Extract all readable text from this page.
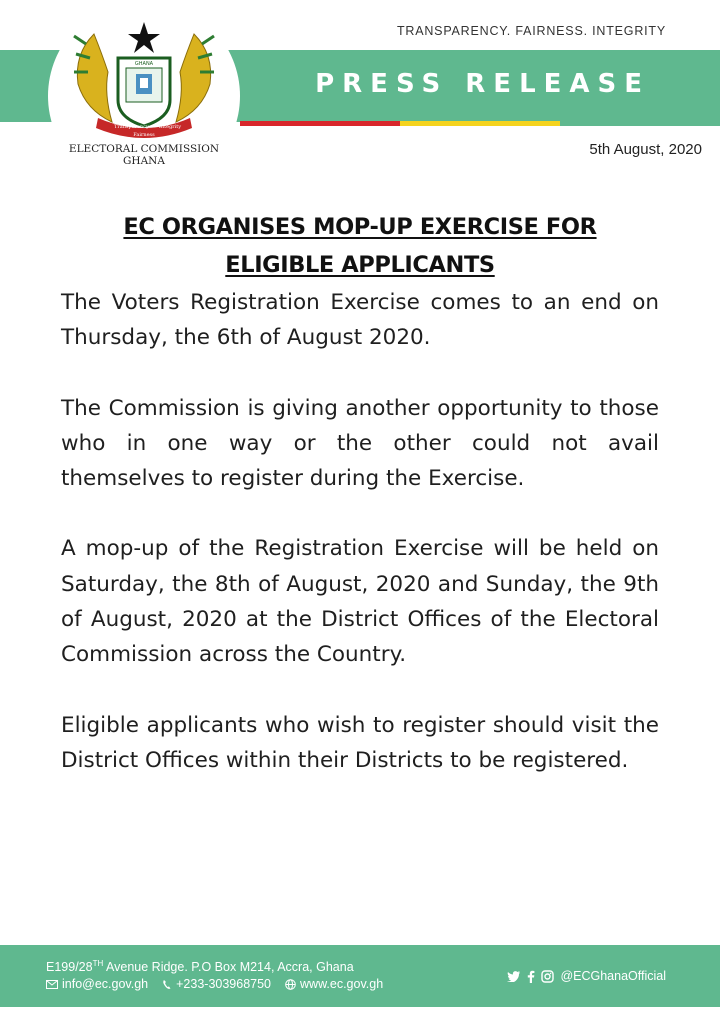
TRANSPARENCY. FAIRNESS. INTEGRITY
PRESS RELEASE
GHANA
Transparency Integrity
Fairness
ELECTORAL COMMISSION
GHANA
5th August, 2020
EC ORGANISES MOP-UP EXERCISE FOR
ELIGIBLE APPLICANTS

The Voters Registration Exercise comes to an end on Thursday, the 6th of August 2020.

The Commission is giving another opportunity to those who in one way or the other could not avail themselves to register during the Exercise.

A mop-up of the Registration Exercise will be held on Saturday, the 8th of August, 2020 and Sunday, the 9th of August, 2020 at the District Offices of the Electoral Commission across the Country.

Eligible applicants who wish to register should visit the District Offices within their Districts to be registered.

E199/28TH Avenue Ridge. P.O Box M214, Accra, Ghana
info@ec.gov.gh +233-303968750 www.ec.gov.gh
@ECGhanaOfficial
